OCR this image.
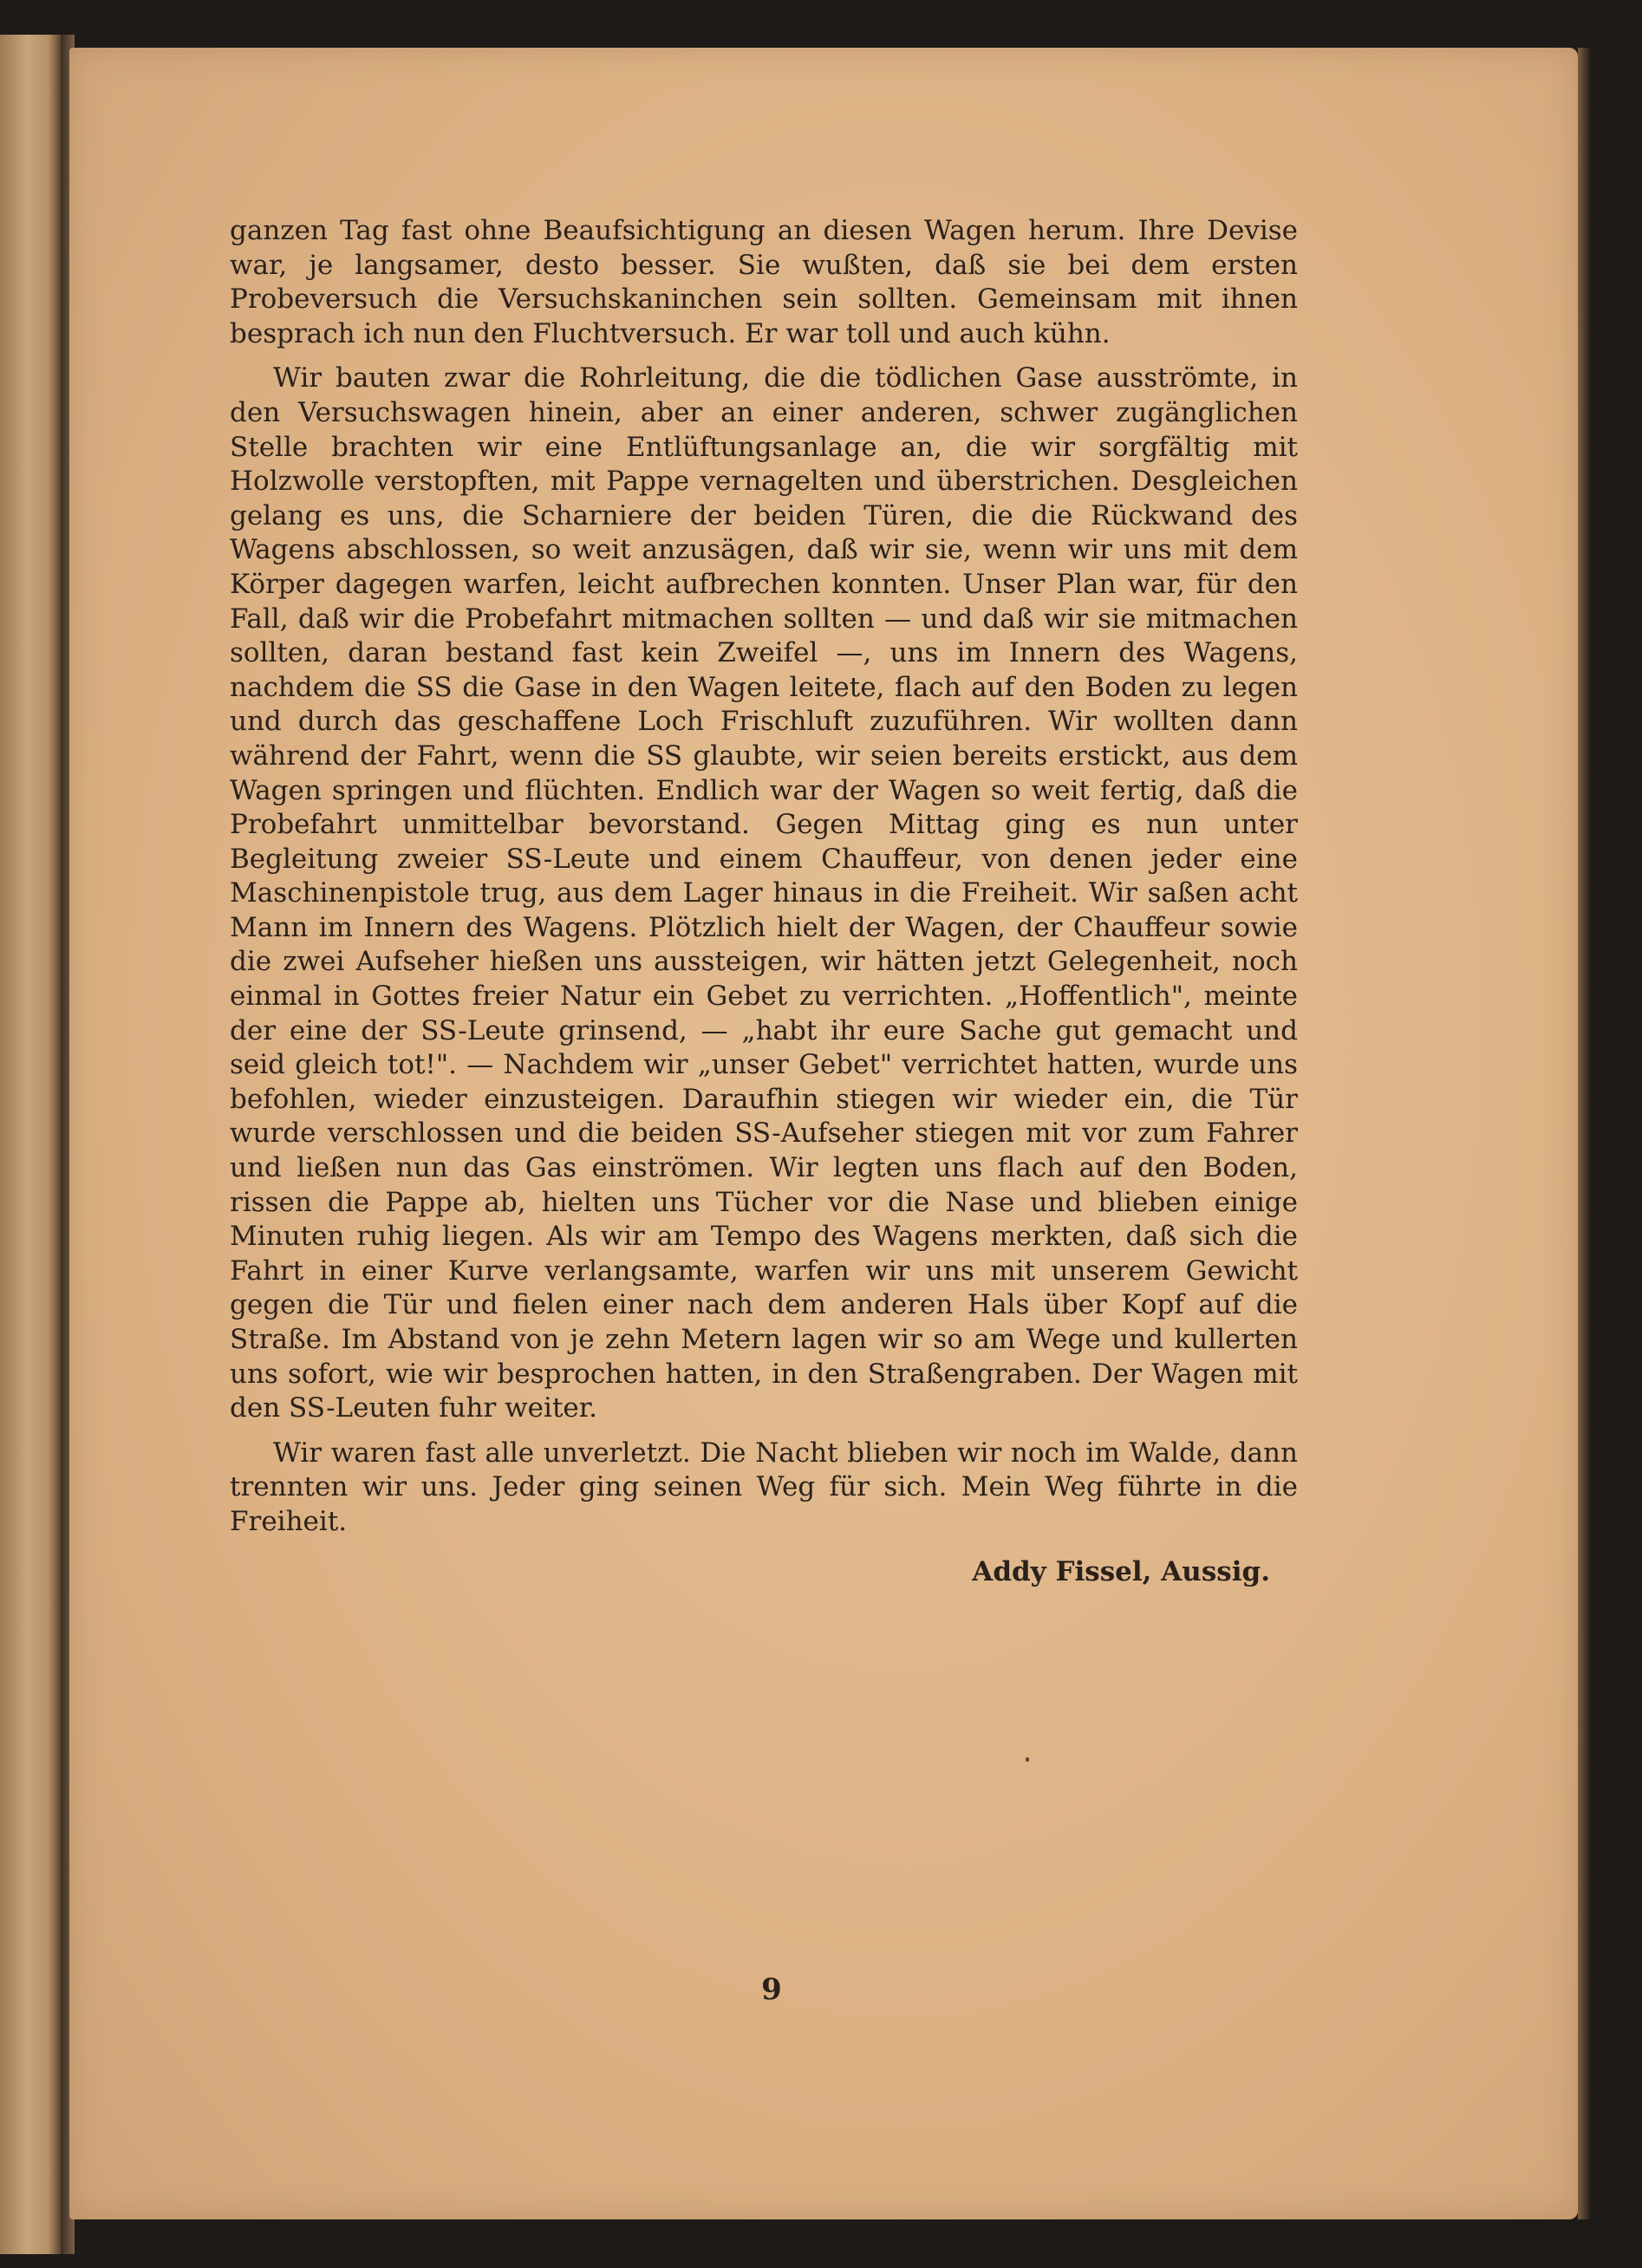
ganzen Tag fast ohne Beaufsichtigung an diesen Wagen herum. Ihre Devise war, je langsamer, desto besser. Sie wußten, daß sie bei dem ersten Probeversuch die Versuchskaninchen sein sollten. Gemeinsam mit ihnen besprach ich nun den Fluchtversuch. Er war toll und auch kühn.

Wir bauten zwar die Rohrleitung, die die tödlichen Gase ausströmte, in den Versuchswagen hinein, aber an einer anderen, schwer zugänglichen Stelle brachten wir eine Entlüftungsanlage an, die wir sorgfältig mit Holzwolle verstopften, mit Pappe vernagelten und überstrichen. Desgleichen gelang es uns, die Scharniere der beiden Türen, die die Rückwand des Wagens abschlossen, so weit anzusägen, daß wir sie, wenn wir uns mit dem Körper dagegen warfen, leicht aufbrechen konnten. Unser Plan war, für den Fall, daß wir die Probefahrt mitmachen sollten — und daß wir sie mitmachen sollten, daran bestand fast kein Zweifel —, uns im Innern des Wagens, nachdem die SS die Gase in den Wagen leitete, flach auf den Boden zu legen und durch das geschaffene Loch Frischluft zuzuführen. Wir wollten dann während der Fahrt, wenn die SS glaubte, wir seien bereits erstickt, aus dem Wagen springen und flüchten. Endlich war der Wagen so weit fertig, daß die Probefahrt unmittelbar bevorstand. Gegen Mittag ging es nun unter Begleitung zweier SS-Leute und einem Chauffeur, von denen jeder eine Maschinenpistole trug, aus dem Lager hinaus in die Freiheit. Wir saßen acht Mann im Innern des Wagens. Plötzlich hielt der Wagen, der Chauffeur sowie die zwei Aufseher hießen uns aussteigen, wir hätten jetzt Gelegenheit, noch einmal in Gottes freier Natur ein Gebet zu verrichten. „Hoffentlich", meinte der eine der SS-Leute grinsend, — „habt ihr eure Sache gut gemacht und seid gleich tot!". — Nachdem wir „unser Gebet" verrichtet hatten, wurde uns befohlen, wieder einzusteigen. Daraufhin stiegen wir wieder ein, die Tür wurde verschlossen und die beiden SS-Aufseher stiegen mit vor zum Fahrer und ließen nun das Gas einströmen. Wir legten uns flach auf den Boden, rissen die Pappe ab, hielten uns Tücher vor die Nase und blieben einige Minuten ruhig liegen. Als wir am Tempo des Wagens merkten, daß sich die Fahrt in einer Kurve verlangsamte, warfen wir uns mit unserem Gewicht gegen die Tür und fielen einer nach dem anderen Hals über Kopf auf die Straße. Im Abstand von je zehn Metern lagen wir so am Wege und kullerten uns sofort, wie wir besprochen hatten, in den Straßengraben. Der Wagen mit den SS-Leuten fuhr weiter.

Wir waren fast alle unverletzt. Die Nacht blieben wir noch im Walde, dann trennten wir uns. Jeder ging seinen Weg für sich. Mein Weg führte in die Freiheit.

Addy Fissel, Aussig.
9
